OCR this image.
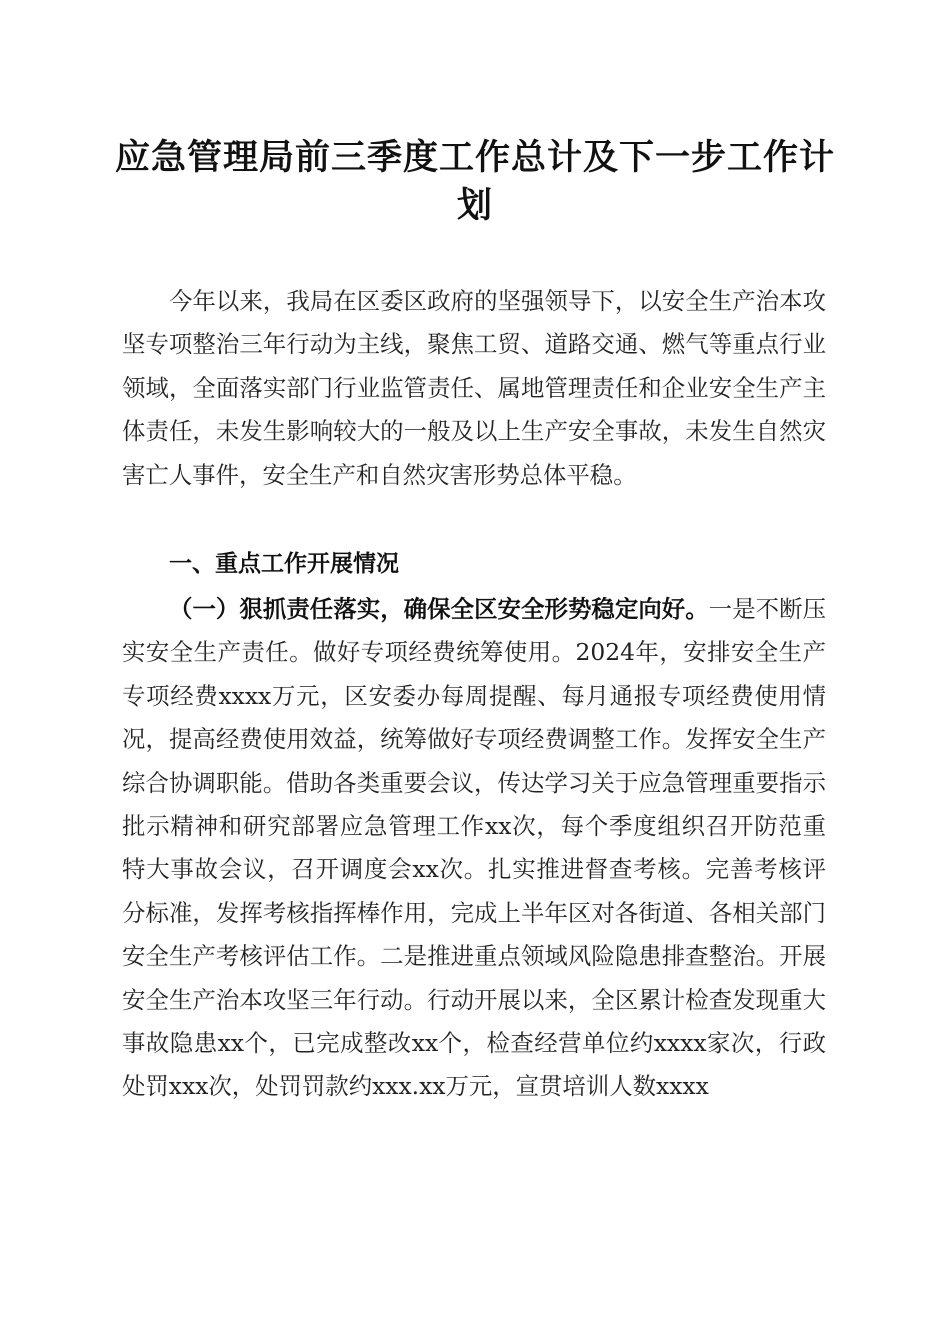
应急管理局前三季度工作总计及下一步工作计划

今年以来，我局在区委区政府的坚强领导下，以安全生产治本攻坚专项整治三年行动为主线，聚焦工贸、道路交通、燃气等重点行业领域，全面落实部门行业监管责任、属地管理责任和企业安全生产主体责任，未发生影响较大的一般及以上生产安全事故，未发生自然灾害亡人事件，安全生产和自然灾害形势总体平稳。

一、重点工作开展情况

（一）狠抓责任落实，确保全区安全形势稳定向好。一是不断压实安全生产责任。做好专项经费统筹使用。2024年，安排安全生产专项经费xxxx万元，区安委办每周提醒、每月通报专项经费使用情况，提高经费使用效益，统筹做好专项经费调整工作。发挥安全生产综合协调职能。借助各类重要会议，传达学习关于应急管理重要指示批示精神和研究部署应急管理工作xx次，每个季度组织召开防范重特大事故会议，召开调度会xx次。扎实推进督查考核。完善考核评分标准，发挥考核指挥棒作用，完成上半年区对各街道、各相关部门安全生产考核评估工作。二是推进重点领域风险隐患排查整治。开展安全生产治本攻坚三年行动。行动开展以来，全区累计检查发现重大事故隐患xx个，已完成整改xx个，检查经营单位约xxxx家次，行政处罚xxx次，处罚罚款约xxx.xx万元，宣贯培训人数xxxx
